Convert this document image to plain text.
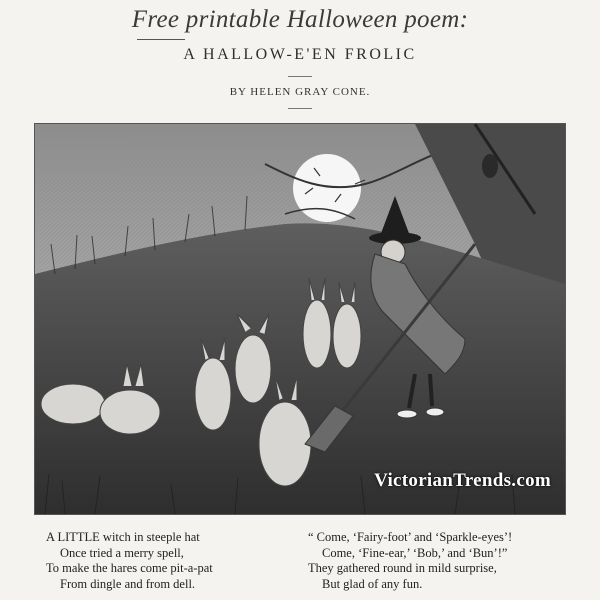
Free printable Halloween poem:
A HALLOW-E'EN FROLIC
BY HELEN GRAY CONE.
VictorianTrends.com
A LITTLE witch in steeple hat
Once tried a merry spell,
To make the hares come pit-a-pat
From dingle and from dell.
“ Come, ‘Fairy-foot’ and ‘Sparkle-eyes’!
Come, ‘Fine-ear,’ ‘Bob,’ and ‘Bun’!”
They gathered round in mild surprise,
But glad of any fun.
